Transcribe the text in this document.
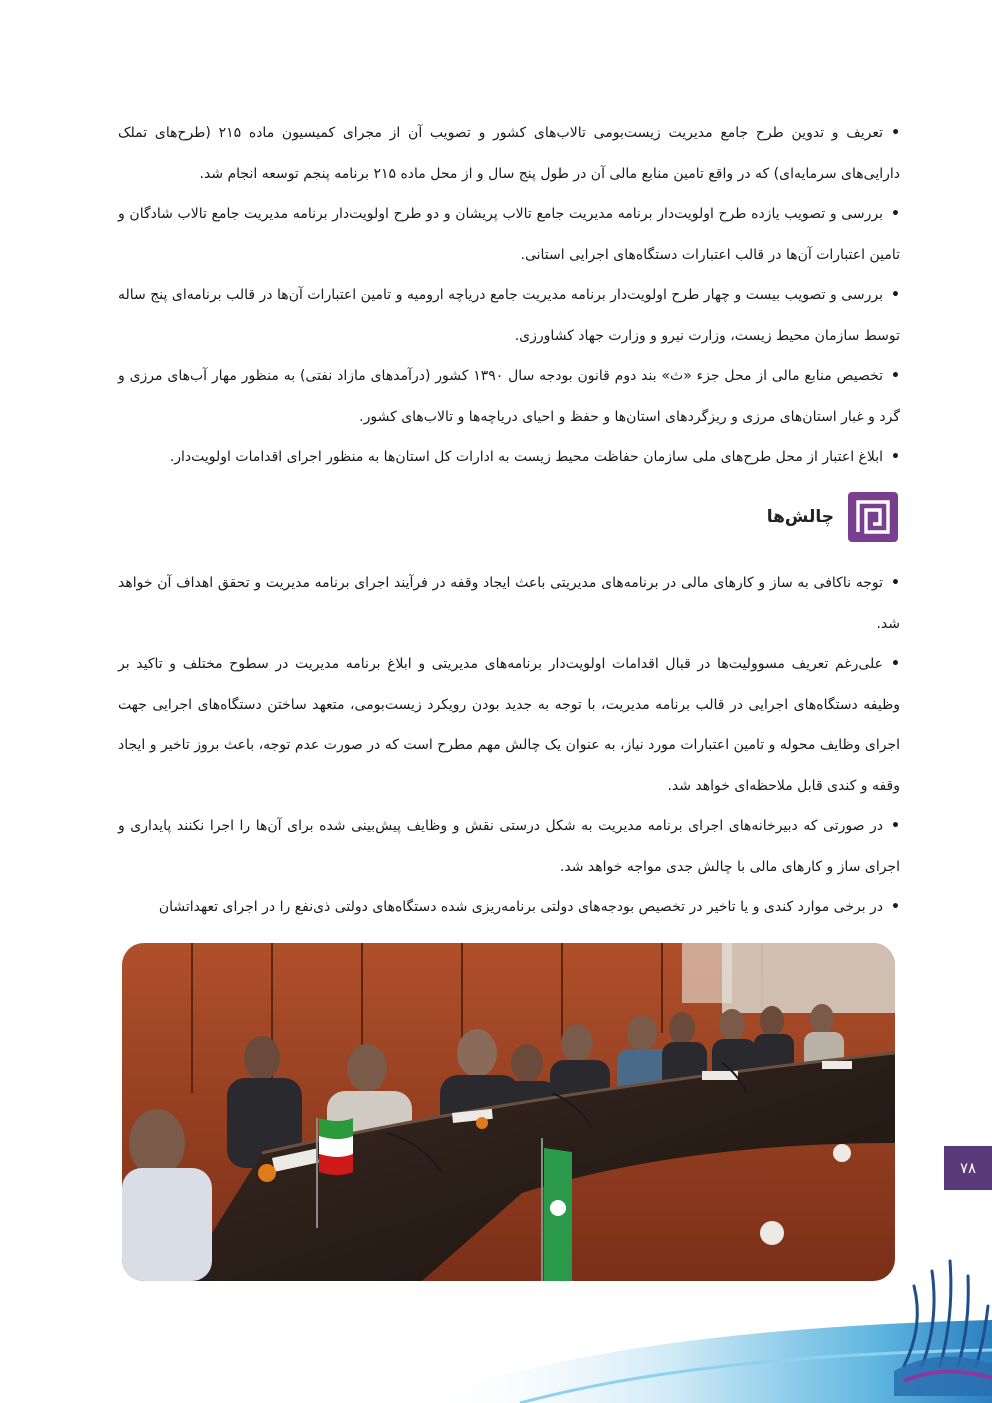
• تعریف و تدوین طرح جامع مدیریت زیست‌بومی تالاب‌های کشور و تصویب آن از مجرای کمیسیون ماده ۲۱۵ (طرح‌های تملک دارایی‌های سرمایه‌ای) که در واقع تامین منابع مالی آن در طول پنج سال و از محل ماده ۲۱۵ برنامه پنجم توسعه انجام شد.

• بررسی و تصویب یازده طرح اولویت‌دار برنامه مدیریت جامع تالاب پریشان و دو طرح اولویت‌دار برنامه مدیریت جامع تالاب شادگان و تامین اعتبارات آن‌ها در قالب اعتبارات دستگاه‌های اجرایی استانی.

• بررسی و تصویب بیست و چهار طرح اولویت‌دار برنامه مدیریت جامع دریاچه ارومیه و تامین اعتبارات آن‌ها در قالب برنامه‌ای پنج ساله توسط سازمان محیط زیست، وزارت نیرو و وزارت جهاد کشاورزی.

• تخصیص منابع مالی از محل جزء «ث» بند دوم قانون بودجه سال ۱۳۹۰ کشور (درآمدهای مازاد نفتی) به منظور مهار آب‌های مرزی و گرد و غبار استان‌های مرزی و ریزگردهای استان‌ها و حفظ و احیای دریاچه‌ها و تالاب‌های کشور.

• ابلاغ اعتبار از محل طرح‌های ملی سازمان حفاظت محیط زیست به ادارات کل استان‌ها به منظور اجرای اقدامات اولویت‌دار.

چالش‌ها

• توجه ناکافی به ساز و کارهای مالی در برنامه‌های مدیریتی باعث ایجاد وقفه در فرآیند اجرای برنامه مدیریت و تحقق اهداف آن خواهد شد.

• علی‌رغم تعریف مسوولیت‌ها در قبال اقدامات اولویت‌دار برنامه‌های مدیریتی و ابلاغ برنامه مدیریت در سطوح مختلف و تاکید بر وظیفه دستگاه‌های اجرایی در قالب برنامه مدیریت، با توجه به جدید بودن رویکرد زیست‌بومی، متعهد ساختن دستگاه‌های اجرایی جهت اجرای وظایف محوله و تامین اعتبارات مورد نیاز، به عنوان یک چالش مهم مطرح است که در صورت عدم توجه، باعث بروز تاخیر و ایجاد وقفه و کندی قابل ملاحظه‌ای خواهد شد.

• در صورتی که دبیرخانه‌های اجرای برنامه مدیریت به شکل درستی نقش و وظایف پیش‌بینی شده برای آن‌ها را اجرا نکنند پایداری و اجرای ساز و کارهای مالی با چالش جدی مواجه خواهد شد.

• در برخی موارد کندی و یا تاخیر در تخصیص بودجه‌های دولتی برنامه‌ریزی شده دستگاه‌های دولتی ذی‌نفع را در اجرای تعهداتشان

۷۸
